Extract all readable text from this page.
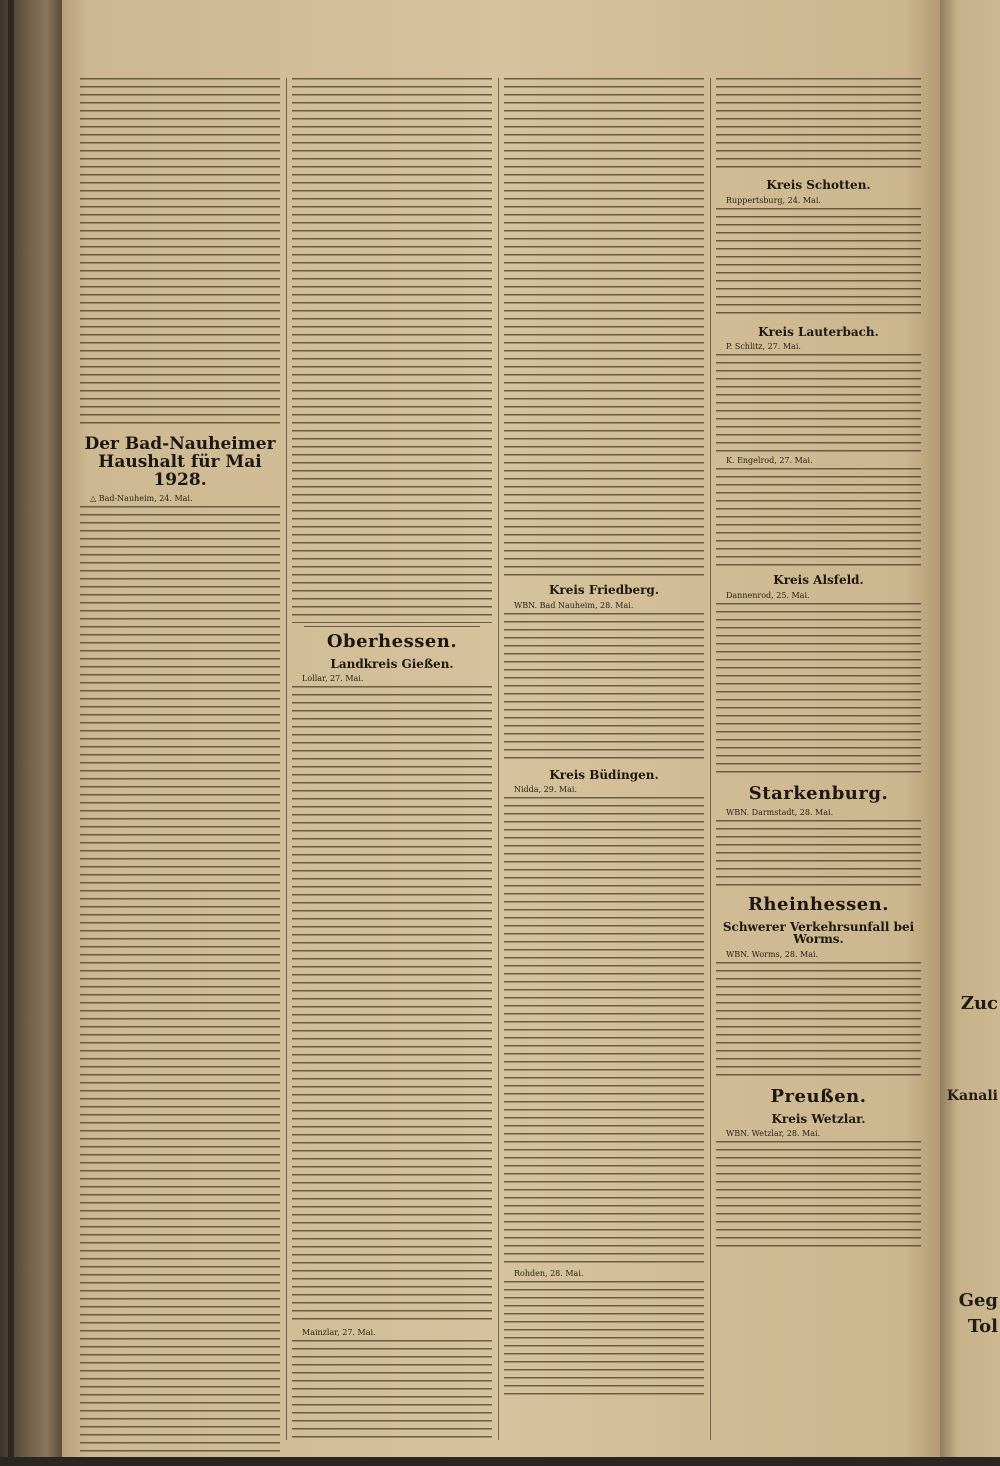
Der Bad-Nauheimer Haushalt für Mai 1928.
△ Bad-Nauheim, 24. Mai.
Oberhessen.
Landkreis Gießen.
Lollar, 27. Mai.
Mainzlar, 27. Mai.
Kreis Friedberg.
WBN. Bad Nauheim, 28. Mai.
Kreis Büdingen.
Nidda, 29. Mai.
Rohden, 28. Mai.
Kreis Schotten.
Ruppertsburg, 24. Mai.
Kreis Lauterbach.
P. Schlitz, 27. Mai.
K. Engelrod, 27. Mai.
Kreis Alsfeld.
Dannenrod, 25. Mai.
Starkenburg.
WBN. Darmstadt, 28. Mai.
Rheinhessen.
Schwerer Verkehrsunfall bei Worms.
WBN. Worms, 28. Mai.
Preußen.
Kreis Wetzlar.
WBN. Wetzlar, 28. Mai.
Zuc
Kanali
Geg
Tol
